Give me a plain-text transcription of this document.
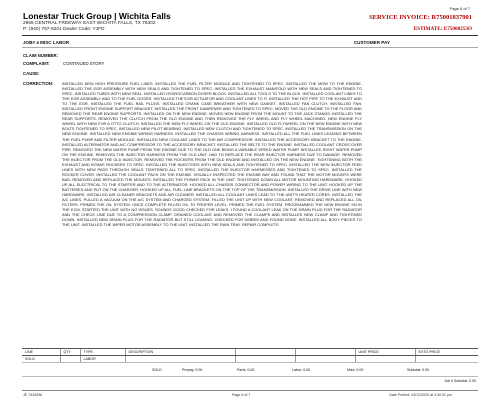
Page 6 of 7
Lonestar Truck Group | Wichita Falls
2965 CENTRAL FREEWAY EAST WICHITA FALLS, TX 76302
P: (940) 767-9201 Dealer Code: YJFD
SERVICE INVOICE: R75001837901
ESTIMATE: E75000253O
JOB# 4 MISC LABOR	CUSTOMER PAY
CLAIM NUMBER:
COMPLAINT:	CONTINUED STORY
CAUSE:
CORRECTION: INSTALLED NEW HIGH PRESSURE FUEL LINES. INSTALLED THE FUEL FILTER MODULE AND TIGHTENED TO SPEC. INSTALLED THE MOW TO THE ENGINE. INSTALLED THE EGR ASSEMBLY WITH NEW SEALS AND TIGHTENED TO SPEC. INSTALLED THE EXHAUST MANIFOLD WITH NEW SEALS AND TIGHTENED TO SPEC. INSTALLED TUBES WITH NEW SEAL. INSTALLED HYDROCARBON DOSER BLOCK. INSTALLED ALL TOOLS TO THE BLOCK. INSTALLED COOLANT LINES TO THE EGR ASSEMBLY AND TO THE FUEL DOSER. INSTALLED THE EGR ACTUATOR AND COOLANT LINES TO IT. INSTALLED THE HOT PIPE TO THE EXHAUST AND TO THE EGR. INSTALLED THE FUEL RAIL PLUGS. INSTALLED CRANK CASE BREATHER WITH NEW GASKET. INSTALLED FAN CLUTCH. INSTALLED FAN. INSTALLED FRONT ENGINE SUPPORT BRACKET. INSTALLED THE FRONT DAMPENER AND TIGHTENED TO SPEC. MOVED THE OLD ENGINE TO THE FLOOR AND REMOVED THE REAR ENGINE SUPPORTS. INSTALLED ON THE NEW ENGINE. MOVED NEW ENGINE FROM THE MOUNT TO THE JACK STANDS. INSTALLED THE REAR SUPPORTS. REMOVED THE CLUTCH FROM THE OLD ENGINE AND THEN REMOVED THE FLY WHEEL AND FLY WHEEL MACHINED. NEW ENGINE FLY WHEEL WITH NEW FOR A OTTO CLUTCH. INSTALLED THE NEW FLY WHEEL ON THE OLD ENGINE. INSTALLED OLD FLYWHEEL ON THE NEW ENGINE WITH NEW BOLTS TIGHTENED TO SPEC. INSTALLED NEW PILOT BEARING. INSTALLED NEW CLUTCH AND TIGHTENED TO SPEC. INSTALLED THE TRANSMISSION ON THE NEW ENGINE. INSTALLED NEW ENGINE WIRING HARNESS. INSTALLED THE CHASSIS WIRING HARNESS. INSTALLED ALL THE FUEL LINES LEADING BETWEEN THE FUEL PUMP AND FILTER MODULE. INSTALLED NEW COOLANT LINES TO THE AIR COMPRESSOR. INSTALLED THE ACCESSORY BRACKET TO THE ENGINE. INSTALLED ALTERNATOR AND A/C COMPRESSOR TO THE ACCESSORY BRACKET. INSTALLED THE BELTS TO THE ENGINE. INSTALLED COOLANT CROSS OVER PIPE. REMOVED THE NEW WATER PUMP FROM THE ENGINE DUE TO THE OLD ONE BEING A VARIABLE SPEED WATER PUMP. INSTALLED RIGHT WATER PUMP ON THE ENGINE. REMOVED THE INJECTOR HARNESS FROM THE OLD UNIT. HAD TO REPLACE THE REAR INJECTOR HARNESS DUE TO DAMAGE. REMOVED THE INJECTOR FROM THE OLD INJECTOR. REMOVED THE ROCKERS FROM THE OLD ENGINE AND INSTALLED ON THE NEW ENGINE. TIGHTENING BOTH THE EXHAUST AND INTAKE ROCKERS TO SPEC. INSTALLED THE INJECTORS WITH NEW SEALS AND TIGHTENED TO SPEC. INSTALLED THE NEW INJECTOR FEED LINES WITH NEW PADS THROUGH SEALS TIGHTENED ALL TO SPEC. INSTALLED THE INJECTOR HARNESSES AND TIGHTENED TO SPEC. INSTALLED THE ROCKER COVER. INSTALLED THE COOLANT PACK ON THE ENGINE. VISUALLY INSPECTED THE ENGINE BAY AND FOUND THAT THE MOTOR MOUNTS WERE BAD. REMOVED AND REPLACED THE MOUNTS. INSTALLED THE POWER PACK IN THE UNIT. TIGHTENED DOWN ALL MOTOR MOUNTING HARDWARE. HOOKED UP ALL ELECTRICAL TO THE STARTER AND TO THE ALTERNATOR. HOOKED ALL CHASSIS CONNECTOR AND POWER WIRING TO THE UNIT. HOOKED UP THE BATTERIES AND PUT ON THE CHARGER. HOOKED UP ALL FUEL LINE BRACKETS ON THE TOP OF THE TRANSMISSION. INSTALLED THE DRIVE LINE WITH NEW HARDWARE. INSTALLED AIR CLEANER BRACKETS AND AIR CLEANER. INSTALLED ALL COOLANT LINES LEAD TO THE UNIT'S HEATER CORES. INSTALLED THE A/C LINES. PULLED A VACUUM ON THE A/C SYSTEM AND CHARGED SYSTEM. FILLED THE UNIT UP WITH NEW COOLANT. REMOVED AND REPLACED ALL OIL FILTERS. PRIMED THE OIL SYSTEM. ONCE COMPLETE FILLED OIL TO PROPER LEVEL. PRIMED THE FUEL SYSTEM. PROGRAMMED THE NEW ENGINE SN IN THE ECM. STARTED THE UNIT WITH NO ISSUES. SOUNDS GOOD CHECKED FOR LEAKS. I FOUND A COOLANT LEAK ON THE DRAIN PLUG FOR THE RADIATOR AND THE CHECK LINE DUE TO A COMPRESSION CLAMP. DRAINED COOLANT AND REMOVED THE CLAMPS AND INSTALLED NEW CLAMP AND TIGHTENED DOWN. INSTALLED NEW DRAIN PLUG FOR THE RADIATOR BUT STILL LEAKING. CHECKED FOR DEBRIS AND FOUND NONE. INSTALLED ALL BODY PIECES TO THE UNIT. INSTALLED THE WIPER MOTOR ASSEMBLY TO THE UNIT. INSTALLED THE RAIN TRAY. REPAIR COMPLETE.
LINE	QTY	TYPE	DESCRIPTION			UNIT PRICE	EXTD PRICE
SOLD		LABOR					
SOLD	Prepay: 0.00	Parts: 0.00	Labor: 0.00	Misc: 0.00	Subtotal: 0.00
Job # Subtotal: 0.00
JE 7434096	Page 6 of 7	Date Printed: 03/11/2020 at 3:30:32 pm
